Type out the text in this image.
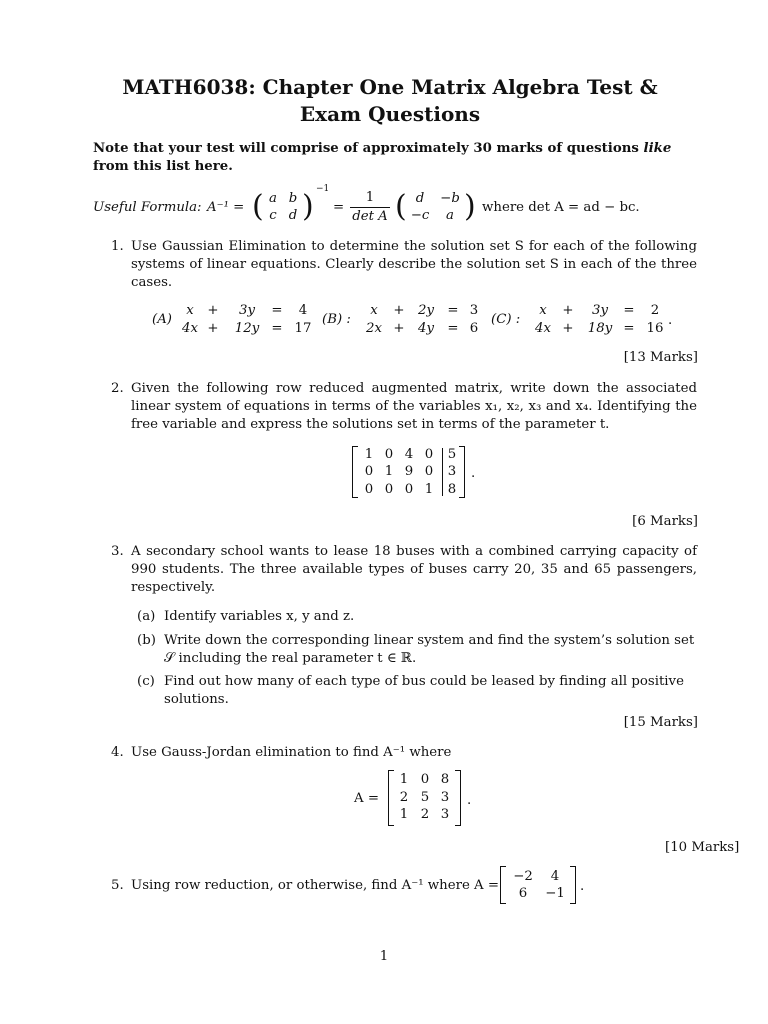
MATH6038: Chapter One Matrix Algebra Test & Exam Questions
Note that your test will comprise of approximately 30 marks of questions like from this list here.
Useful Formula : A⁻¹ = ( a b
c d ) −1
=
1
det A ( d	−b
−c	a ) where det A = ad − bc.
1. Use Gaussian Elimination to determine the solution set S for each of the following systems of linear equations. Clearly describe the solution set S in each of the three cases.
(A)
x	+	3y	=	4
4x + 12y = 17
(B) :
x	+	2y	= 3
2x +	4y	= 6
(C) :
x	+	3y	=	2
4x + 18y = 16
.
[13 Marks]
2. Given the following row reduced augmented matrix, write down the associated linear system of equations in terms of the variables x₁, x₂, x₃ and x₄. Identifying the free variable and express the solutions set in terms of the parameter t.
1 0 4 0 5
0 1 9 0 3
0 0 0 1 8
.
[6 Marks]
3. A secondary school wants to lease 18 buses with a combined carrying capacity of 990 students. The three available types of buses carry 20, 35 and 65 passengers, respectively.
(a) Identify variables x, y and z.
(b) Write down the corresponding linear system and find the system’s solution set 𝒮 including the real parameter t ∈ ℝ.
(c) Find out how many of each type of bus could be leased by finding all positive solutions.
[15 Marks]
4. Use Gauss-Jordan elimination to find A⁻¹ where
A =
1 0 8
2 5 3
1 2 3
.
[10 Marks]
5. Using row reduction, or otherwise, find A⁻¹ where A =
−2	4
6	−1 .
1
